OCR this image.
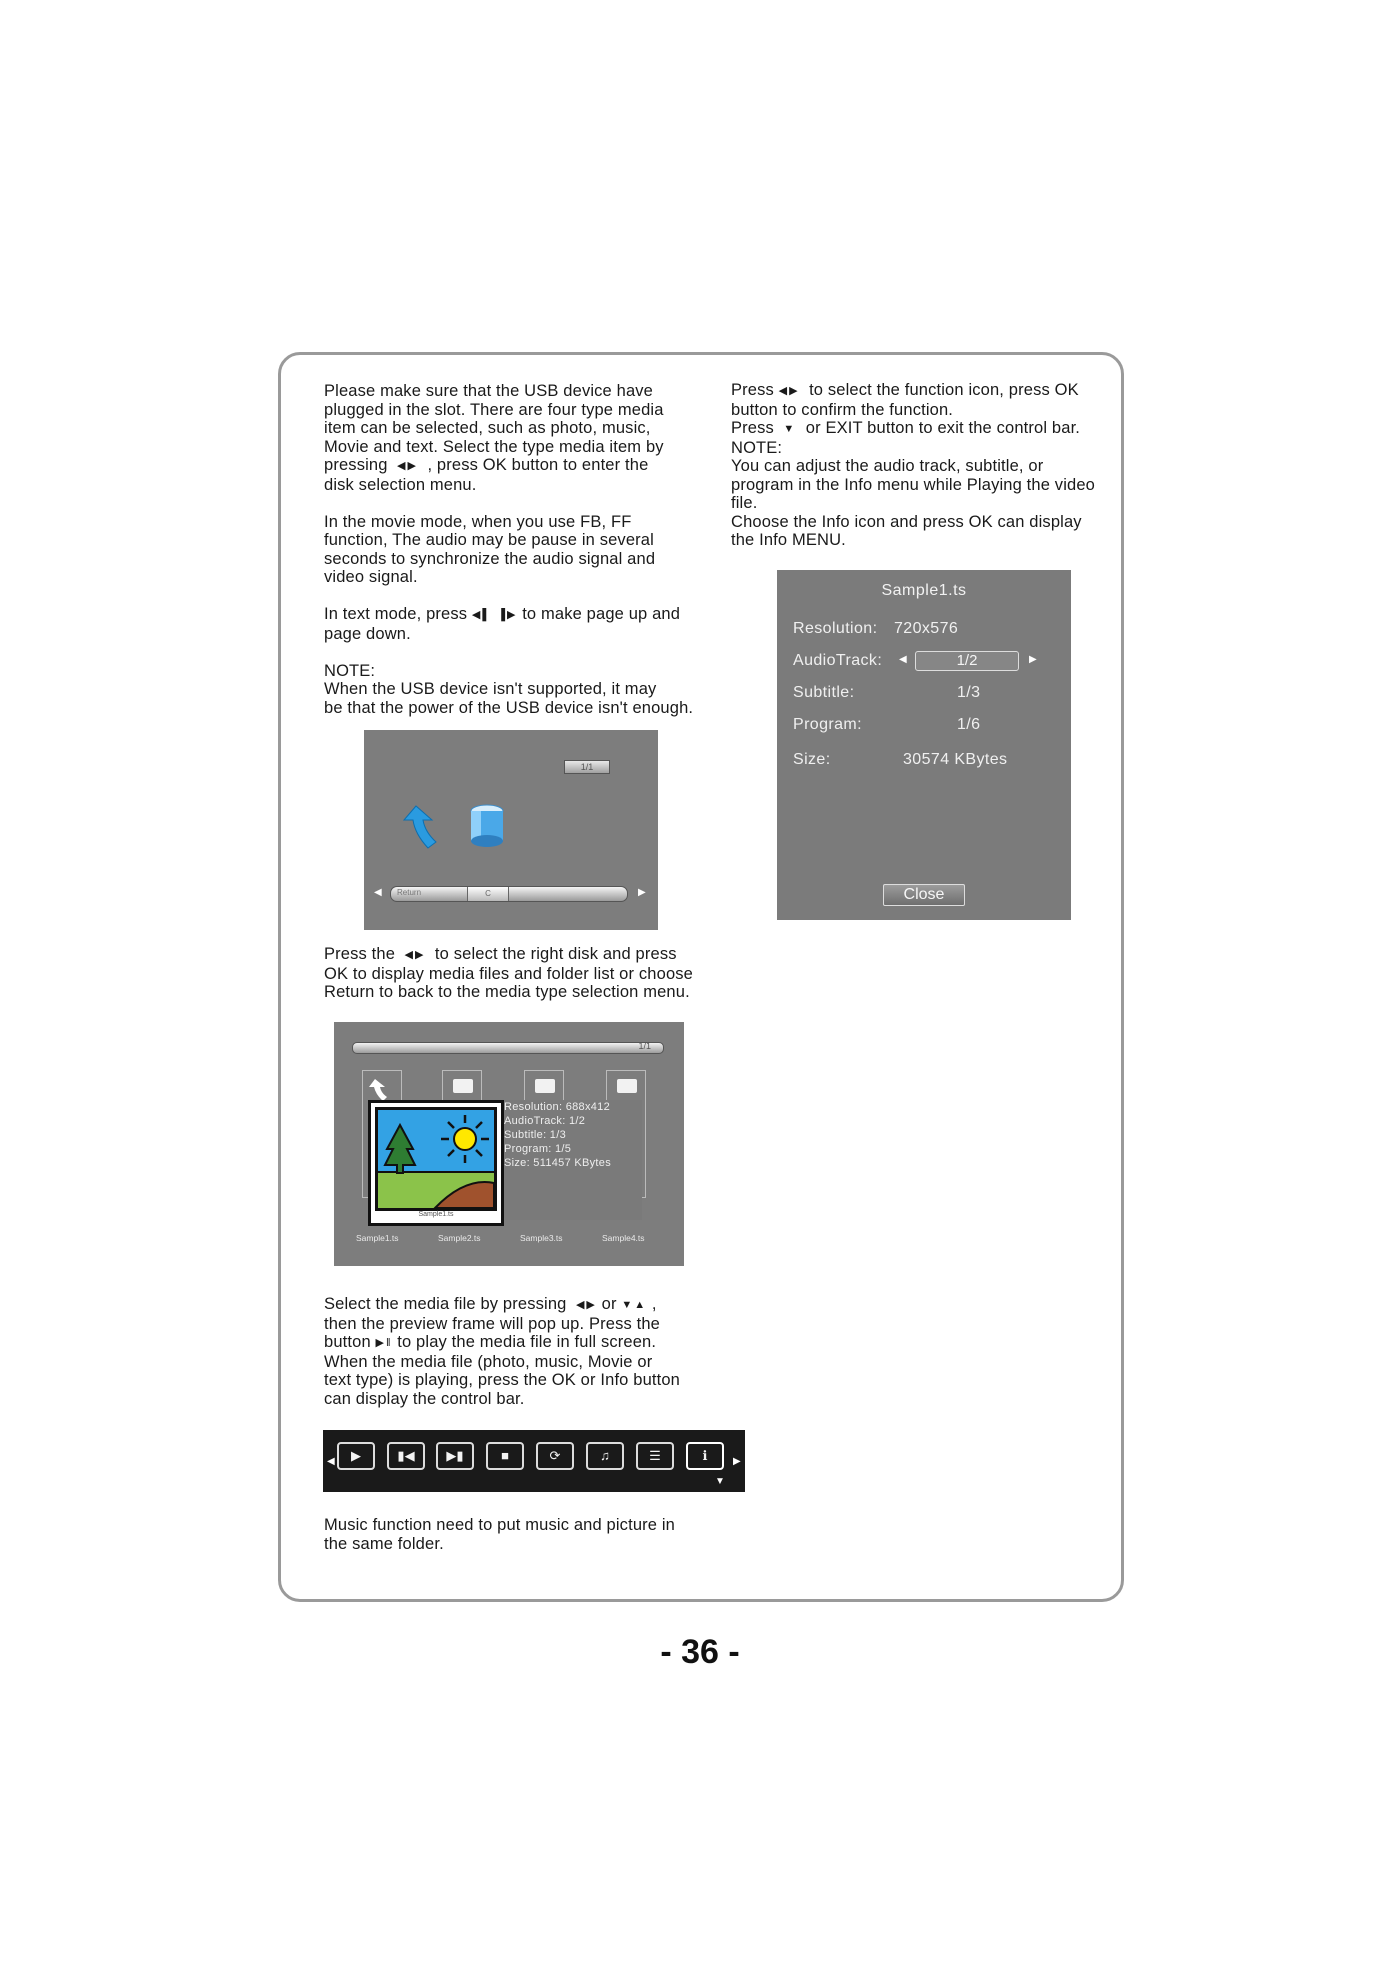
Please make sure that the USB device have

plugged in the slot. There are four type media

item can be selected, such as photo, music,

Movie and text. Select the type media item by

pressing ◀▶ , press OK button to enter the

disk selection menu.

In the movie mode, when you use FB, FF

function, The audio may be pause in several

seconds to synchronize the audio signal and

video signal.

In text mode, press ◀▌ ▐▶ to make page up and

page down.

NOTE:

When the USB device isn't supported, it may

be that the power of the USB device isn't enough.

1/1
◀ Return	C	▶

Press the ◀▶ to select the right disk and press

OK to display media files and folder list or choose

Return to back to the media type selection menu.

1/1
Sample1.ts	Sample2.ts	Sample3.ts	Sample4.ts
Sample1.ts
Resolution: 688x412
AudioTrack: 1/2
Subtitle: 1/3
Program: 1/5
Size: 511457 KBytes

Select the media file by pressing ◀▶ or ▼▲ ,

then the preview frame will pop up. Press the

button ▶‖ to play the media file in full screen.

When the media file (photo, music, Movie or

text type) is playing, press the OK or Info button

can display the control bar.

◀	▶	▮◀	▶▮	■	⟳	♫	☰	ℹ	▶
▼

Music function need to put music and picture in

the same folder.

Press ◀▶ to select the function icon, press OK

button to confirm the function.

Press ▼ or EXIT button to exit the control bar.

NOTE:

You can adjust the audio track, subtitle, or

program in the Info menu while Playing the video

file.

Choose the Info icon and press OK can display

the Info MENU.

Sample1.ts
Resolution: 720x576
AudioTrack: ◀	1/2	▶
Subtitle:	1/3
Program:	1/6
Size:	30574 KBytes
Close
- 36 -
